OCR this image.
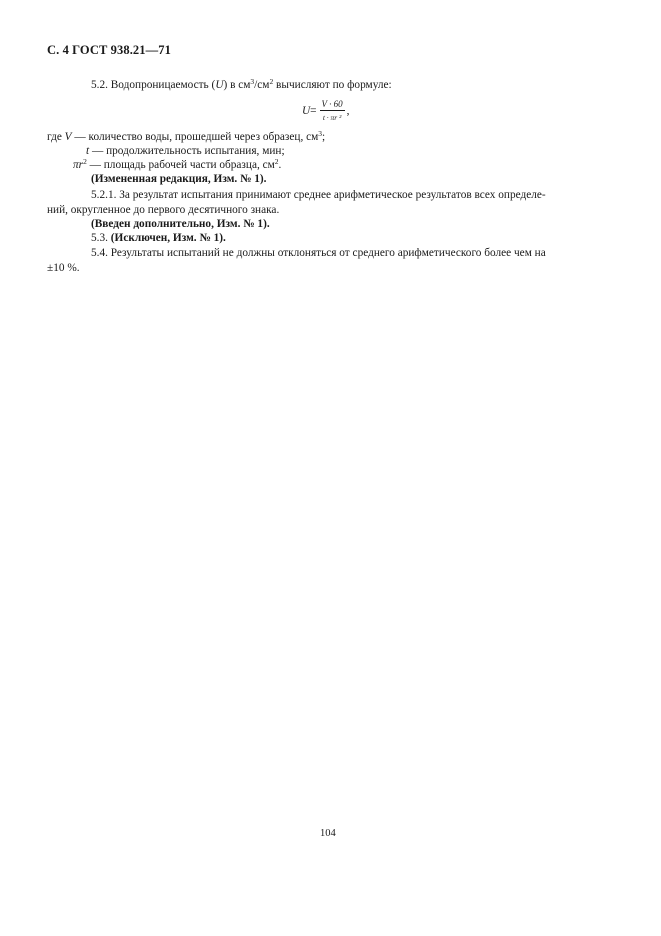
С. 4 ГОСТ 938.21—71
5.2. Водопроницаемость (U) в $см^3/см^2$ вычисляют по формуле:
$U = \frac{V \cdot 60}{\text{t · πr ²}}$ ,
где V — количество воды, прошедшей через образец, $см^3$;
t — продолжительность испытания, мин;
$\pi r^2$ — площадь рабочей части образца, $см^2$.
(Измененная редакция, Изм. № 1).
5.2.1. За результат испытания принимают среднее арифметическое результатов всех определе-
ний, округленное до первого десятичного знака.
(Введен дополнительно, Изм. № 1).
5.3. (Исключен, Изм. № 1).
5.4. Результаты испытаний не должны отклоняться от среднего арифметического более чем на
±10 %.
104
